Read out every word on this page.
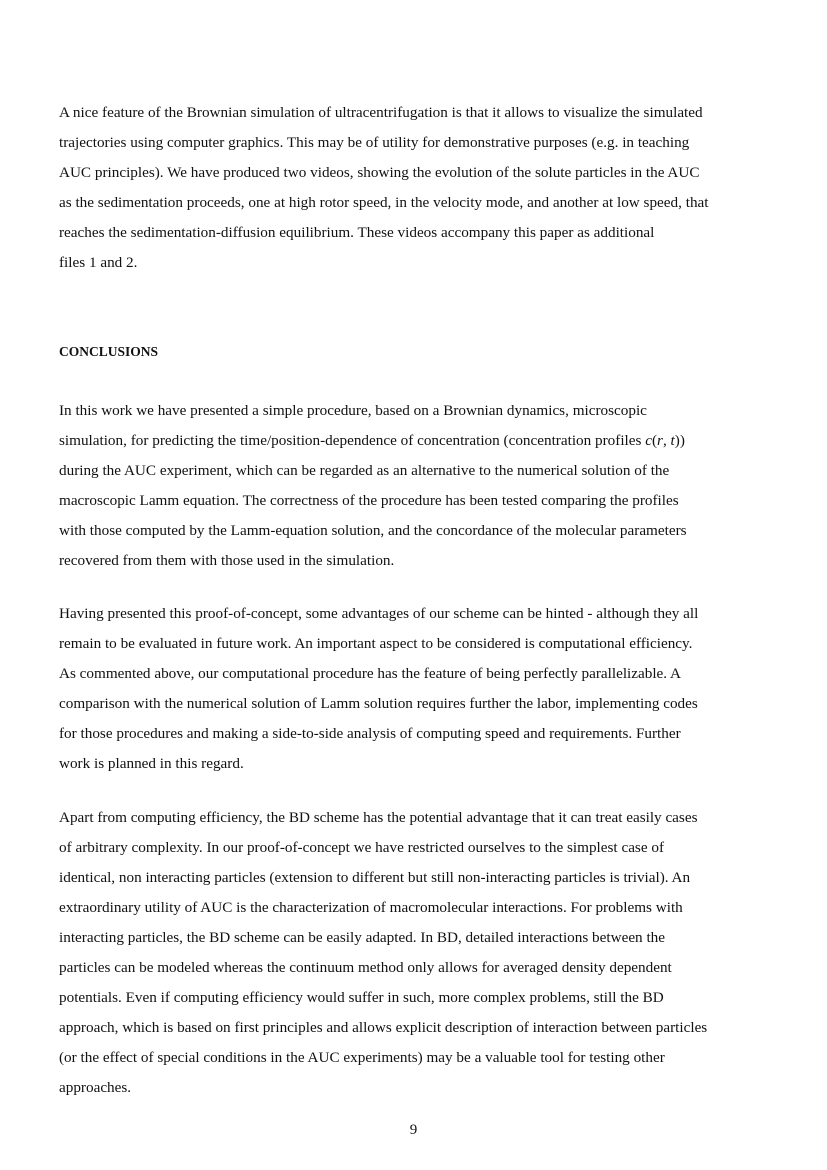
A nice feature of the Brownian simulation of ultracentrifugation is that it allows to visualize the simulated
trajectories using computer graphics. This may be of utility for demonstrative purposes (e.g. in teaching
AUC principles). We have produced two videos, showing the evolution of the solute particles in the AUC
as the sedimentation proceeds, one at high rotor speed, in the velocity mode, and another at low speed, that
reaches the sedimentation-diffusion equilibrium. These videos accompany this paper as additional
files 1 and 2.
CONCLUSIONS
In this work we have presented a simple procedure, based on a Brownian dynamics, microscopic
simulation, for predicting the time/position-dependence of concentration (concentration profiles c(r, t))
during the AUC experiment, which can be regarded as an alternative to the numerical solution of the
macroscopic Lamm equation. The correctness of the procedure has been tested comparing the profiles
with those computed by the Lamm-equation solution, and the concordance of the molecular parameters
recovered from them with those used in the simulation.
Having presented this proof-of-concept, some advantages of our scheme can be hinted - although they all
remain to be evaluated in future work. An important aspect to be considered is computational efficiency.
As commented above, our computational procedure has the feature of being perfectly parallelizable. A
comparison with the numerical solution of Lamm solution requires further the labor, implementing codes
for those procedures and making a side-to-side analysis of computing speed and requirements. Further
work is planned in this regard.
Apart from computing efficiency, the BD scheme has the potential advantage that it can treat easily cases
of arbitrary complexity. In our proof-of-concept we have restricted ourselves to the simplest case of
identical, non interacting particles (extension to different but still non-interacting particles is trivial). An
extraordinary utility of AUC is the characterization of macromolecular interactions. For problems with
interacting particles, the BD scheme can be easily adapted. In BD, detailed interactions between the
particles can be modeled whereas the continuum method only allows for averaged density dependent
potentials. Even if computing efficiency would suffer in such, more complex problems, still the BD
approach, which is based on first principles and allows explicit description of interaction between particles
(or the effect of special conditions in the AUC experiments) may be a valuable tool for testing other
approaches.
9
